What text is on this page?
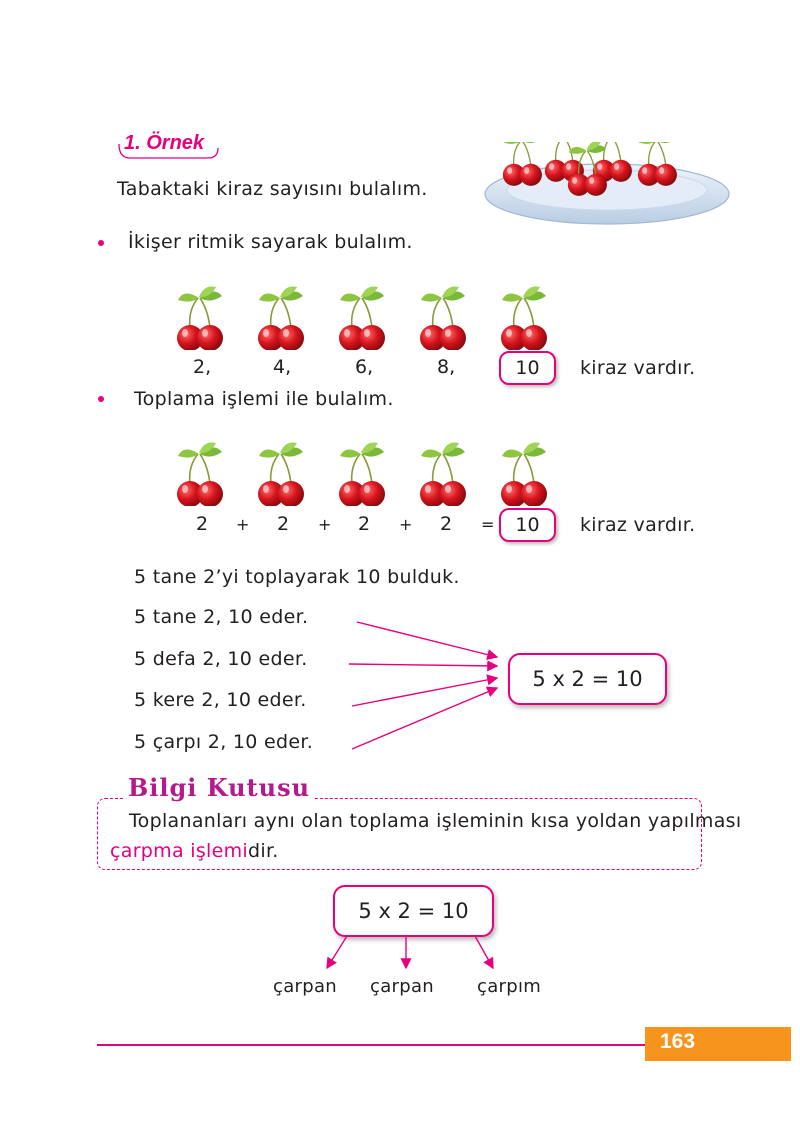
1. Örnek
Tabaktaki kiraz sayısını bulalım.
İkişer ritmik sayarak bulalım.
2,	4,	6,	8,	10	kiraz vardır.
Toplama işlemi ile bulalım.
2 + 2 + 2 + 2 =	10	kiraz vardır.
5 tane 2’yi toplayarak 10 bulduk.
5 tane 2, 10 eder.
5 defa 2, 10 eder.
5 kere 2, 10 eder.
5 çarpı 2, 10 eder.
5 x 2 = 10
Bilgi Kutusu
Toplananları aynı olan toplama işleminin kısa yoldan yapılması
çarpma işlemidir.
5 x 2 = 10
çarpan çarpan çarpım
163
